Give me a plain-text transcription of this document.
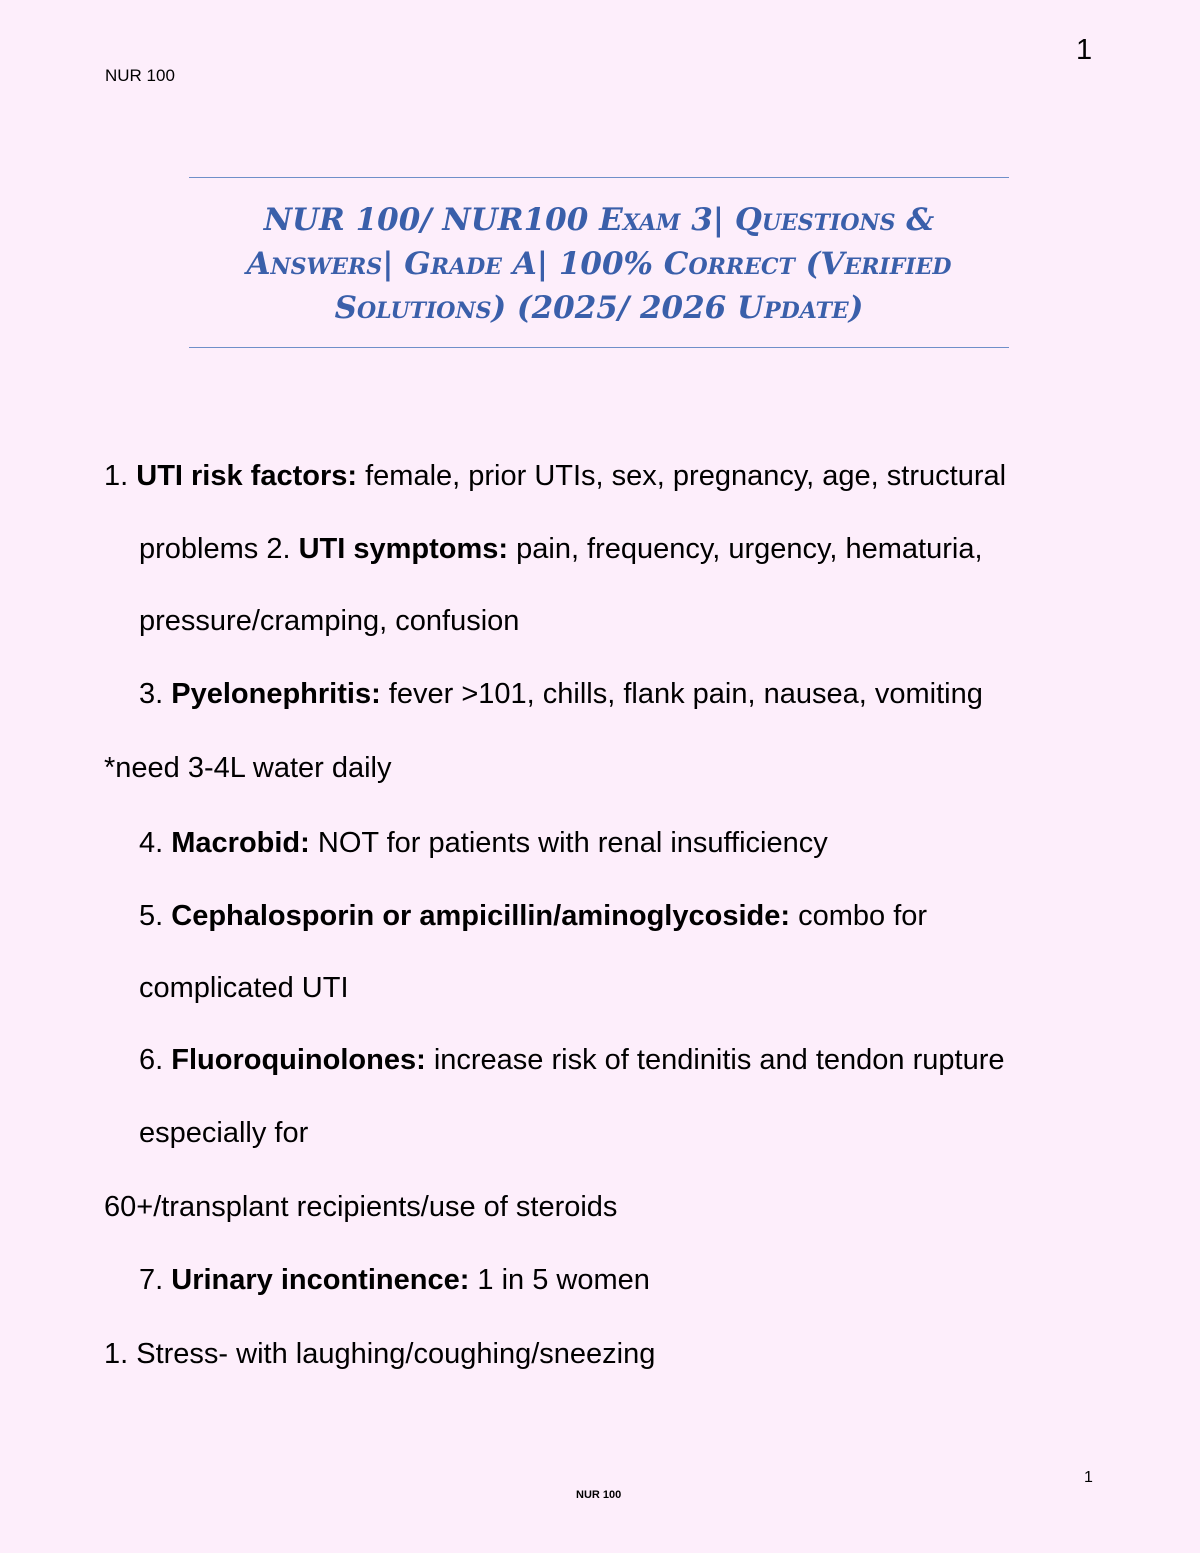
NUR 100
1
NUR 100/ NUR100 Exam 3| Questions & Answers| Grade A| 100% Correct (Verified Solutions) (2025/ 2026 Update)
1. UTI risk factors: female, prior UTIs, sex, pregnancy, age, structural
problems 2. UTI symptoms: pain, frequency, urgency, hematuria,
pressure/cramping, confusion
3. Pyelonephritis: fever >101, chills, flank pain, nausea, vomiting
*need 3-4L water daily
4. Macrobid: NOT for patients with renal insufficiency
5. Cephalosporin or ampicillin/aminoglycoside: combo for
complicated UTI
6. Fluoroquinolones: increase risk of tendinitis and tendon rupture
especially for
60+/transplant recipients/use of steroids
7. Urinary incontinence: 1 in 5 women
1. Stress- with laughing/coughing/sneezing
1
NUR 100
